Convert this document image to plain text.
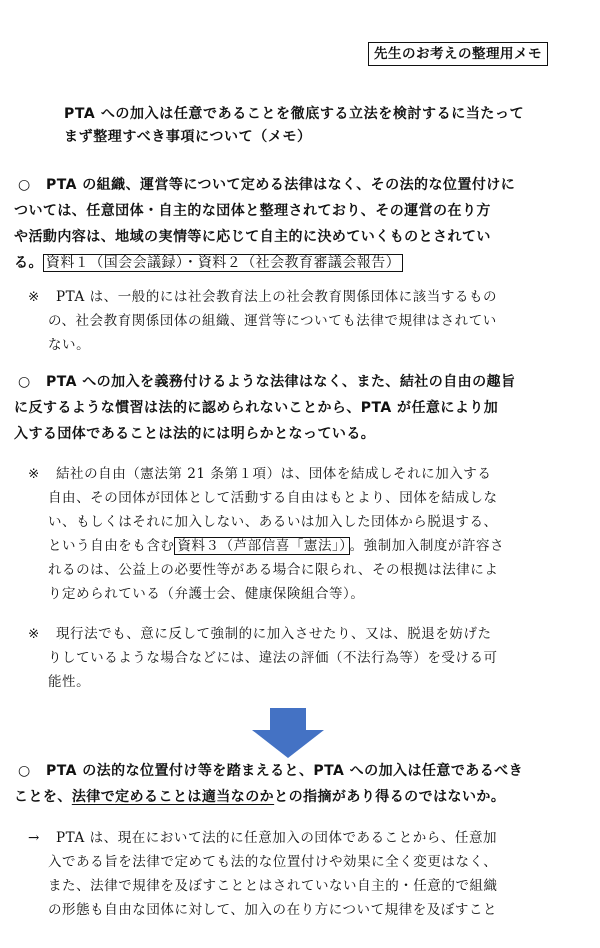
先生のお考えの整理用メモ
PTA への加入は任意であることを徹底する立法を検討するに当たって
まず整理すべき事項について（メモ）
○ PTA の組織、運営等について定める法律はなく、その法的な位置付けに
ついては、任意団体・自主的な団体と整理されており、その運営の在り方
や活動内容は、地域の実情等に応じて自主的に決めていくものとされてい
る。 資料１（国会会議録）・資料２（社会教育審議会報告）
※ PTA は、一般的には社会教育法上の社会教育関係団体に該当するもの
の、社会教育関係団体の組織、運営等についても法律で規律はされてい
ない。
○ PTA への加入を義務付けるような法律はなく、また、結社の自由の趣旨
に反するような慣習は法的に認められないことから、PTA が任意により加
入する団体であることは法的には明らかとなっている。
※ 結社の自由（憲法第 21 条第１項）は、団体を結成しそれに加入する
自由、その団体が団体として活動する自由はもとより、団体を結成しな
い、もしくはそれに加入しない、あるいは加入した団体から脱退する、
という自由をも含む 資料３（芦部信喜「憲法」） 。強制加入制度が許容さ
れるのは、公益上の必要性等がある場合に限られ、その根拠は法律によ
り定められている（弁護士会、健康保険組合等）。
※ 現行法でも、意に反して強制的に加入させたり、又は、脱退を妨げた
りしているような場合などには、違法の評価（不法行為等）を受ける可
能性。
○ PTA の法的な位置付け等を踏まえると、PTA への加入は任意であるべき
ことを、法律で定めることは適当なのかとの指摘があり得るのではないか。
→ PTA は、現在において法的に任意加入の団体であることから、任意加
入である旨を法律で定めても法的な位置付けや効果に全く変更はなく、
また、法律で規律を及ぼすこととはされていない自主的・任意的で組織
の形態も自由な団体に対して、加入の在り方について規律を及ぼすこと
